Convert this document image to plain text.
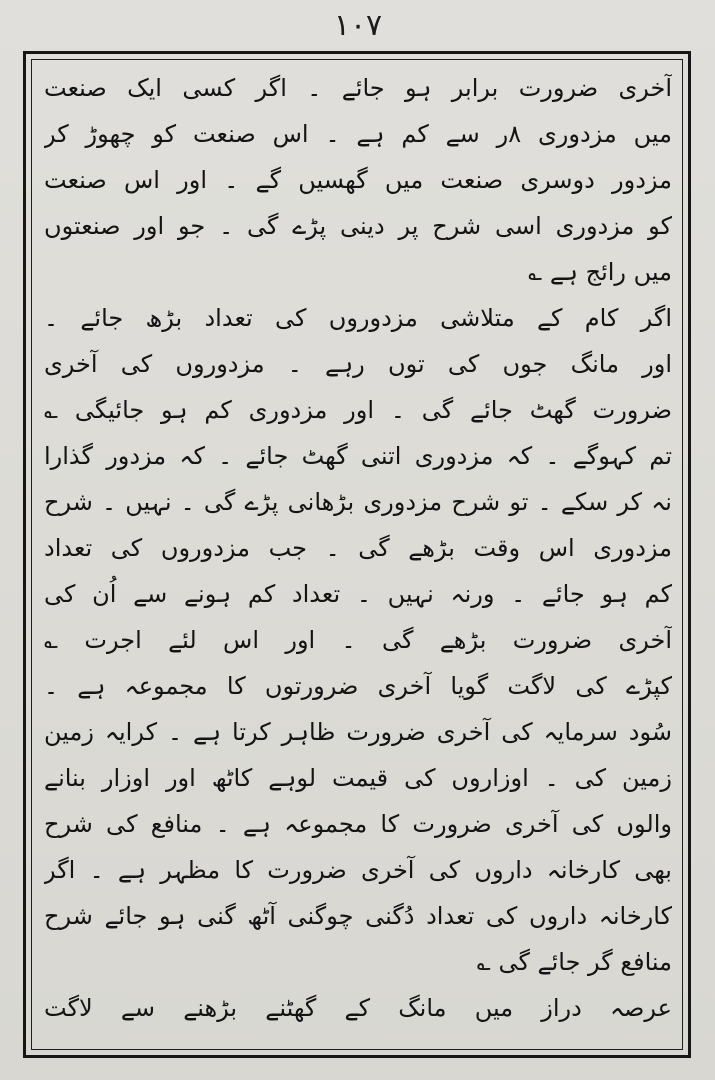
۱۰۷
آخری ضرورت برابر ہو جائے ۔ اگر کسی ایک صنعت
میں مزدوری ۸ر سے کم ہے ۔ اس صنعت کو چھوڑ کر
مزدور دوسری صنعت میں گھسیں گے ۔ اور اس صنعت
کو مزدوری اسی شرح پر دینی پڑے گی ۔ جو اور صنعتوں
میں رائج ہے ؎
اگر کام کے متلاشی مزدوروں کی تعداد بڑھ جائے ۔
اور مانگ جوں کی توں رہے ۔ مزدوروں کی آخری
ضرورت گھٹ جائے گی ۔ اور مزدوری کم ہو جائیگی ؎
تم کہوگے ۔ کہ مزدوری اتنی گھٹ جائے ۔ کہ مزدور گذارا
نہ کر سکے ۔ تو شرح مزدوری بڑھانی پڑے گی ۔ نہیں ۔ شرح
مزدوری اس وقت بڑھے گی ۔ جب مزدوروں کی تعداد
کم ہو جائے ۔ ورنہ نہیں ۔ تعداد کم ہونے سے اُن کی
آخری ضرورت بڑھے گی ۔ اور اس لئے اجرت ؎
کپڑے کی لاگت گویا آخری ضرورتوں کا مجموعہ ہے ۔
سُود سرمایہ کی آخری ضرورت ظاہر کرتا ہے ۔ کرایہ زمین
زمین کی ۔ اوزاروں کی قیمت لوہے کاٹھ اور اوزار بنانے
والوں کی آخری ضرورت کا مجموعہ ہے ۔ منافع کی شرح
بھی کارخانہ داروں کی آخری ضرورت کا مظہر ہے ۔ اگر
کارخانہ داروں کی تعداد دُگنی چوگنی آٹھ گنی ہو جائے شرح
منافع گر جائے گی ؎
عرصہ دراز میں مانگ کے گھٹنے بڑھنے سے لاگت
